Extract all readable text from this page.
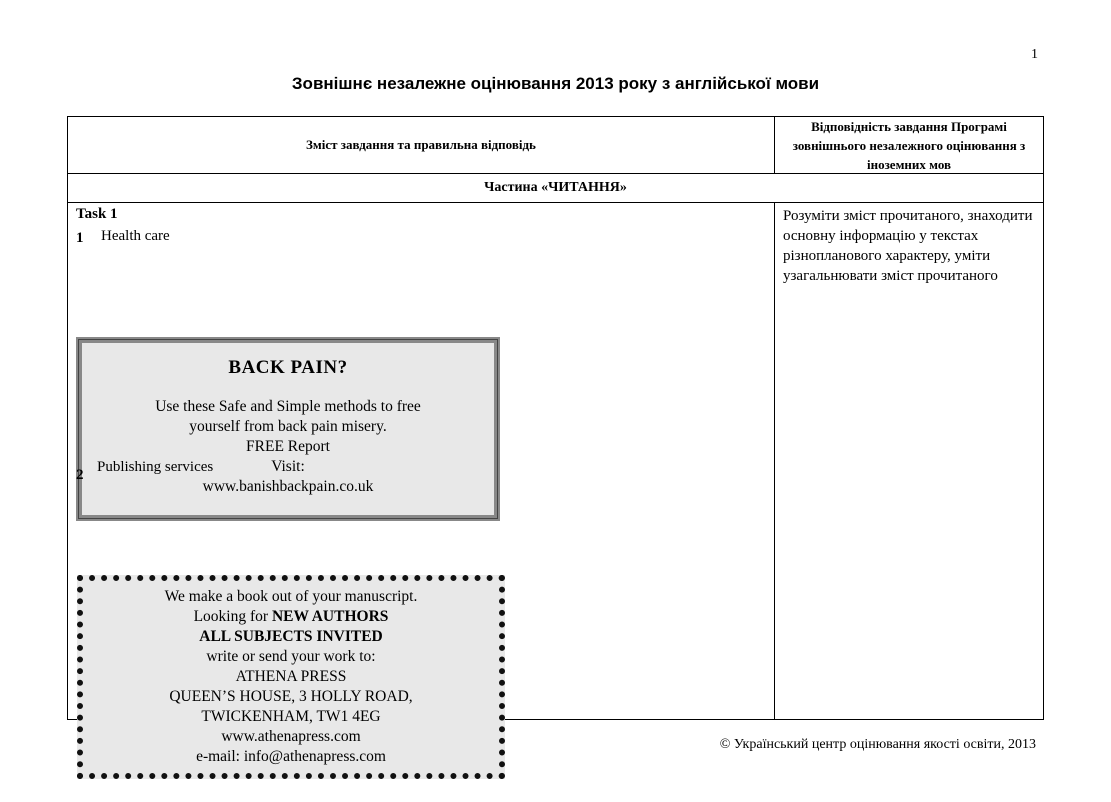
1
Зовнішнє незалежне оцінювання 2013 року з англійської мови
Зміст завдання та правильна відповідь
Відповідність завдання Програмі зовнішнього незалежного оцінювання з іноземних мов
Частина «ЧИТАННЯ»
Task 1
1 Health care
BACK PAIN?
Use these Safe and Simple methods to free
yourself from back pain misery.
FREE Report
Visit:
www.banishbackpain.co.uk
2 Publishing services
We make a book out of your manuscript.
Looking for NEW AUTHORS
ALL SUBJECTS INVITED
write or send your work to:
ATHENA PRESS
QUEEN’S HOUSE, 3 HOLLY ROAD,
TWICKENHAM, TW1 4EG
www.athenapress.com
e-mail: info@athenapress.com
Розуміти зміст прочитаного, знаходити основну інформацію у текстах різнопланового характеру, уміти узагальнювати зміст прочитаного
© Український центр оцінювання якості освіти, 2013
